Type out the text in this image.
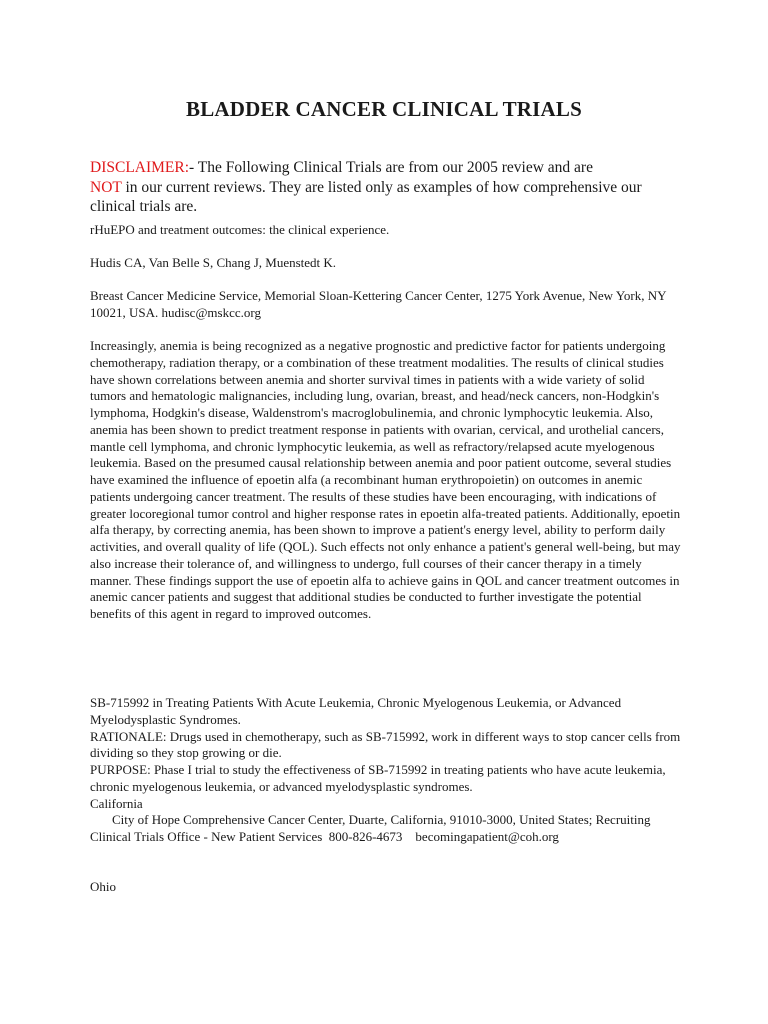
BLADDER CANCER CLINICAL TRIALS

DISCLAIMER:- The Following Clinical Trials are from our 2005 review and are
NOT in our current reviews. They are listed only as examples of how comprehensive our clinical trials are.

rHuEPO and treatment outcomes: the clinical experience.

Hudis CA, Van Belle S, Chang J, Muenstedt K.

Breast Cancer Medicine Service, Memorial Sloan-Kettering Cancer Center, 1275 York Avenue, New York, NY 10021, USA. hudisc@mskcc.org

Increasingly, anemia is being recognized as a negative prognostic and predictive factor for patients undergoing chemotherapy, radiation therapy, or a combination of these treatment modalities. The results of clinical studies have shown correlations between anemia and shorter survival times in patients with a wide variety of solid tumors and hematologic malignancies, including lung, ovarian, breast, and head/neck cancers, non-Hodgkin's lymphoma, Hodgkin's disease, Waldenstrom's macroglobulinemia, and chronic lymphocytic leukemia. Also, anemia has been shown to predict treatment response in patients with ovarian, cervical, and urothelial cancers, mantle cell lymphoma, and chronic lymphocytic leukemia, as well as refractory/relapsed acute myelogenous leukemia. Based on the presumed causal relationship between anemia and poor patient outcome, several studies have examined the influence of epoetin alfa (a recombinant human erythropoietin) on outcomes in anemic patients undergoing cancer treatment. The results of these studies have been encouraging, with indications of greater locoregional tumor control and higher response rates in epoetin alfa-treated patients. Additionally, epoetin alfa therapy, by correcting anemia, has been shown to improve a patient's energy level, ability to perform daily activities, and overall quality of life (QOL). Such effects not only enhance a patient's general well-being, but may also increase their tolerance of, and willingness to undergo, full courses of their cancer therapy in a timely manner. These findings support the use of epoetin alfa to achieve gains in QOL and cancer treatment outcomes in anemic cancer patients and suggest that additional studies be conducted to further investigate the potential benefits of this agent in regard to improved outcomes.

SB-715992 in Treating Patients With Acute Leukemia, Chronic Myelogenous Leukemia, or Advanced Myelodysplastic Syndromes.
RATIONALE: Drugs used in chemotherapy, such as SB-715992, work in different ways to stop cancer cells from dividing so they stop growing or die.
PURPOSE: Phase I trial to study the effectiveness of SB-715992 in treating patients who have acute leukemia, chronic myelogenous leukemia, or advanced myelodysplastic syndromes.
California
City of Hope Comprehensive Cancer Center, Duarte, California, 91010-3000, United States; Recruiting
Clinical Trials Office - New Patient Services  800-826-4673    becomingapatient@coh.org

Ohio
